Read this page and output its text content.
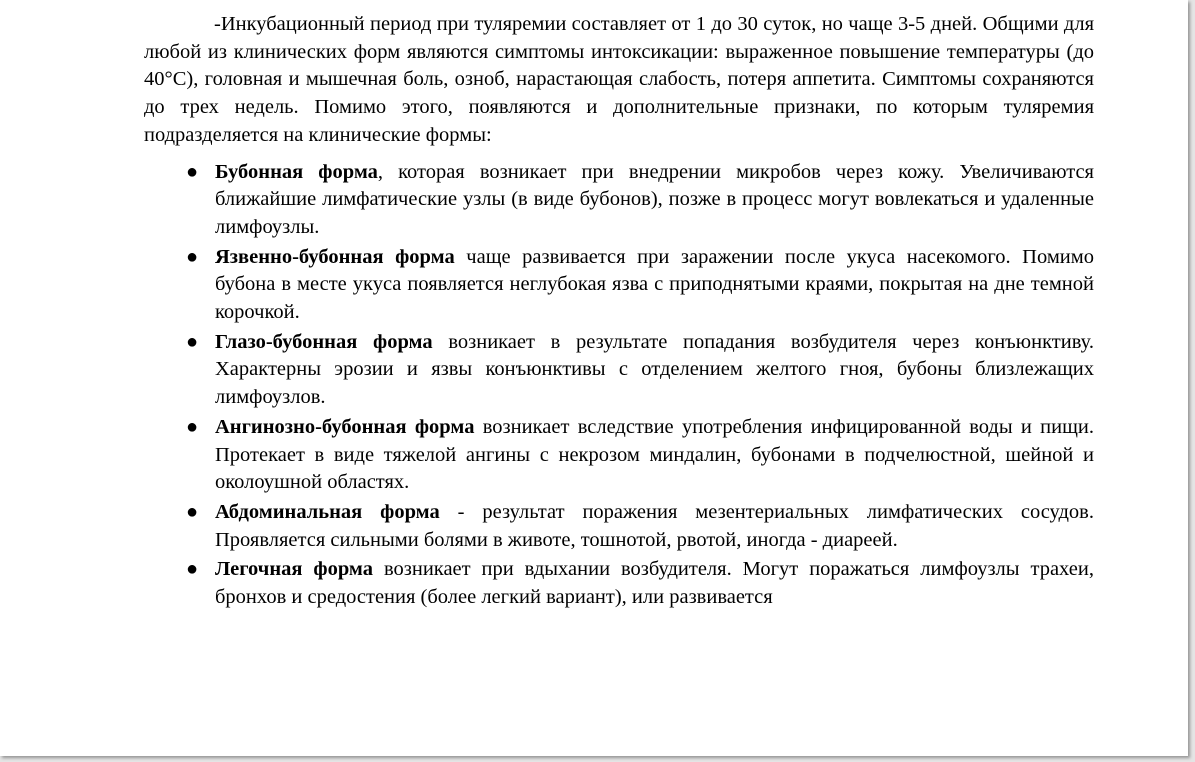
-Инкубационный период при туляремии составляет от 1 до 30 суток, но чаще 3-5 дней. Общими для любой из клинических форм являются симптомы интоксикации: выраженное повышение температуры (до 40°С), головная и мышечная боль, озноб, нарастающая слабость, потеря аппетита. Симптомы сохраняются до трех недель. Помимо этого, появляются и дополнительные признаки, по которым туляремия подразделяется на клинические формы:

● Бубонная форма, которая возникает при внедрении микробов через кожу. Увеличиваются ближайшие лимфатические узлы (в виде бубонов), позже в процесс могут вовлекаться и удаленные лимфоузлы.
● Язвенно-бубонная форма чаще развивается при заражении после укуса насекомого. Помимо бубона в месте укуса появляется неглубокая язва с приподнятыми краями, покрытая на дне темной корочкой.
● Глазо-бубонная форма возникает в результате попадания возбудителя через конъюнктиву. Характерны эрозии и язвы конъюнктивы с отделением желтого гноя, бубоны близлежащих лимфоузлов.
● Ангинозно-бубонная форма возникает вследствие употребления инфицированной воды и пищи. Протекает в виде тяжелой ангины с некрозом миндалин, бубонами в подчелюстной, шейной и околоушной областях.
● Абдоминальная форма - результат поражения мезентериальных лимфатических сосудов. Проявляется сильными болями в животе, тошнотой, рвотой, иногда - диареей.
● Легочная форма возникает при вдыхании возбудителя. Могут поражаться лимфоузлы трахеи, бронхов и средостения (более легкий вариант), или развивается
